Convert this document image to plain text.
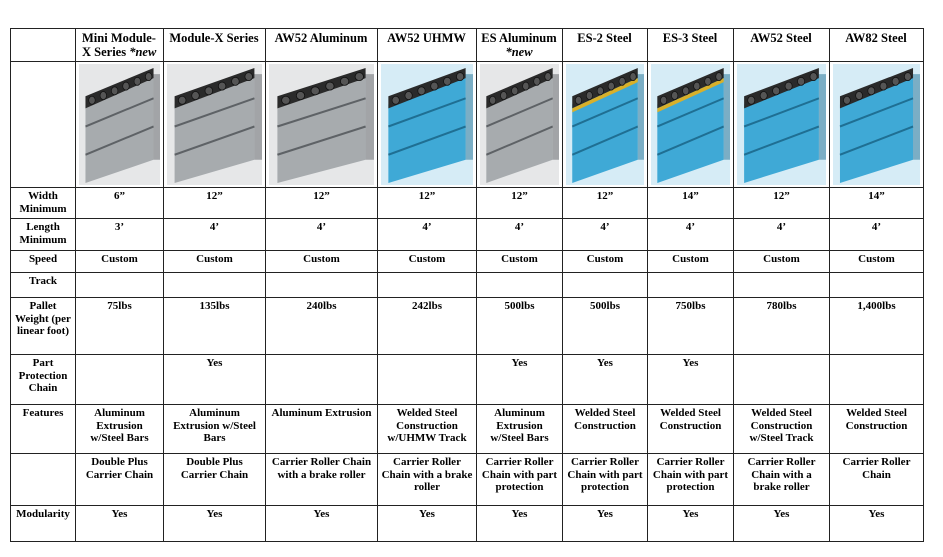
	Mini Module-X Series *new	Module-X Series	AW52 Aluminum	AW52 UHMW	ES Aluminum *new	ES-2 Steel	ES-3 Steel	AW52 Steel	AW82 Steel

Width Minimum	6”	12”	12”	12”	12”	12”	14”	12”	14”
Length Minimum	3’	4’	4’	4’	4’	4’	4’	4’	4’
Speed	Custom	Custom	Custom	Custom	Custom	Custom	Custom	Custom	Custom
Track									
Pallet Weight (per linear foot)	75lbs	135lbs	240lbs	242lbs	500lbs	500lbs	750lbs	780lbs	1,400lbs
Part Protection Chain		Yes			Yes	Yes	Yes		
Features	Aluminum Extrusion w/Steel Bars	Aluminum Extrusion w/Steel Bars	Aluminum Extrusion	Welded Steel Construction w/UHMW Track	Aluminum Extrusion w/Steel Bars	Welded Steel Construction	Welded Steel Construction	Welded Steel Construction w/Steel Track	Welded Steel Construction
	Double Plus Carrier Chain	Double Plus Carrier Chain	Carrier Roller Chain with a brake roller	Carrier Roller Chain with a brake roller	Carrier Roller Chain with part protection	Carrier Roller Chain with part protection	Carrier Roller Chain with part protection	Carrier Roller Chain with a brake roller	Carrier Roller Chain
Modularity	Yes	Yes	Yes	Yes	Yes	Yes	Yes	Yes	Yes
